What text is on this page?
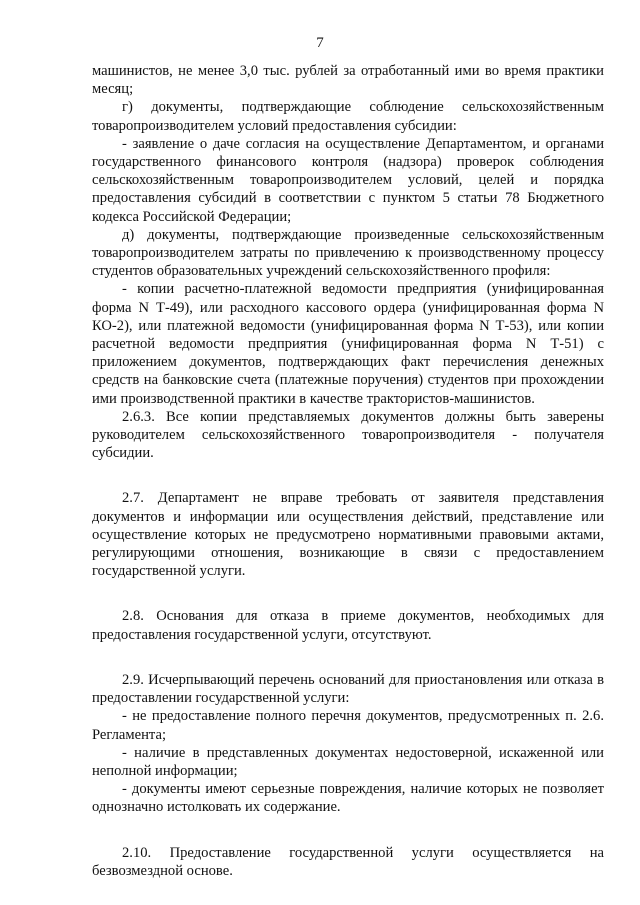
7

машинистов, не менее 3,0 тыс. рублей за отработанный ими во время практики месяц;

г) документы, подтверждающие соблюдение сельскохозяйственным товаропроизводителем условий предоставления субсидии:

- заявление о даче согласия на осуществление Департаментом, и органами государственного финансового контроля (надзора) проверок соблюдения сельскохозяйственным товаропроизводителем условий, целей и порядка предоставления субсидий в соответствии с пунктом 5 статьи 78 Бюджетного кодекса Российской Федерации;

д) документы, подтверждающие произведенные сельскохозяйственным товаропроизводителем затраты по привлечению к производственному процессу студентов образовательных учреждений сельскохозяйственного профиля:

- копии расчетно-платежной ведомости предприятия (унифицированная форма N Т-49), или расходного кассового ордера (унифицированная форма N КО-2), или платежной ведомости (унифицированная форма N Т-53), или копии расчетной ведомости предприятия (унифицированная форма N Т-51) с приложением документов, подтверждающих факт перечисления денежных средств на банковские счета (платежные поручения) студентов при прохождении ими производственной практики в качестве трактористов-машинистов.

2.6.3. Все копии представляемых документов должны быть заверены руководителем сельскохозяйственного товаропроизводителя - получателя субсидии.

2.7. Департамент не вправе требовать от заявителя представления документов и информации или осуществления действий, представление или осуществление которых не предусмотрено нормативными правовыми актами, регулирующими отношения, возникающие в связи с предоставлением государственной услуги.

2.8. Основания для отказа в приеме документов, необходимых для предоставления государственной услуги, отсутствуют.

2.9. Исчерпывающий перечень оснований для приостановления или отказа в предоставлении государственной услуги:

- не предоставление полного перечня документов, предусмотренных п. 2.6. Регламента;

- наличие в представленных документах недостоверной, искаженной или неполной информации;

- документы имеют серьезные повреждения, наличие которых не позволяет однозначно истолковать их содержание.

2.10. Предоставление государственной услуги осуществляется на безвозмездной основе.
